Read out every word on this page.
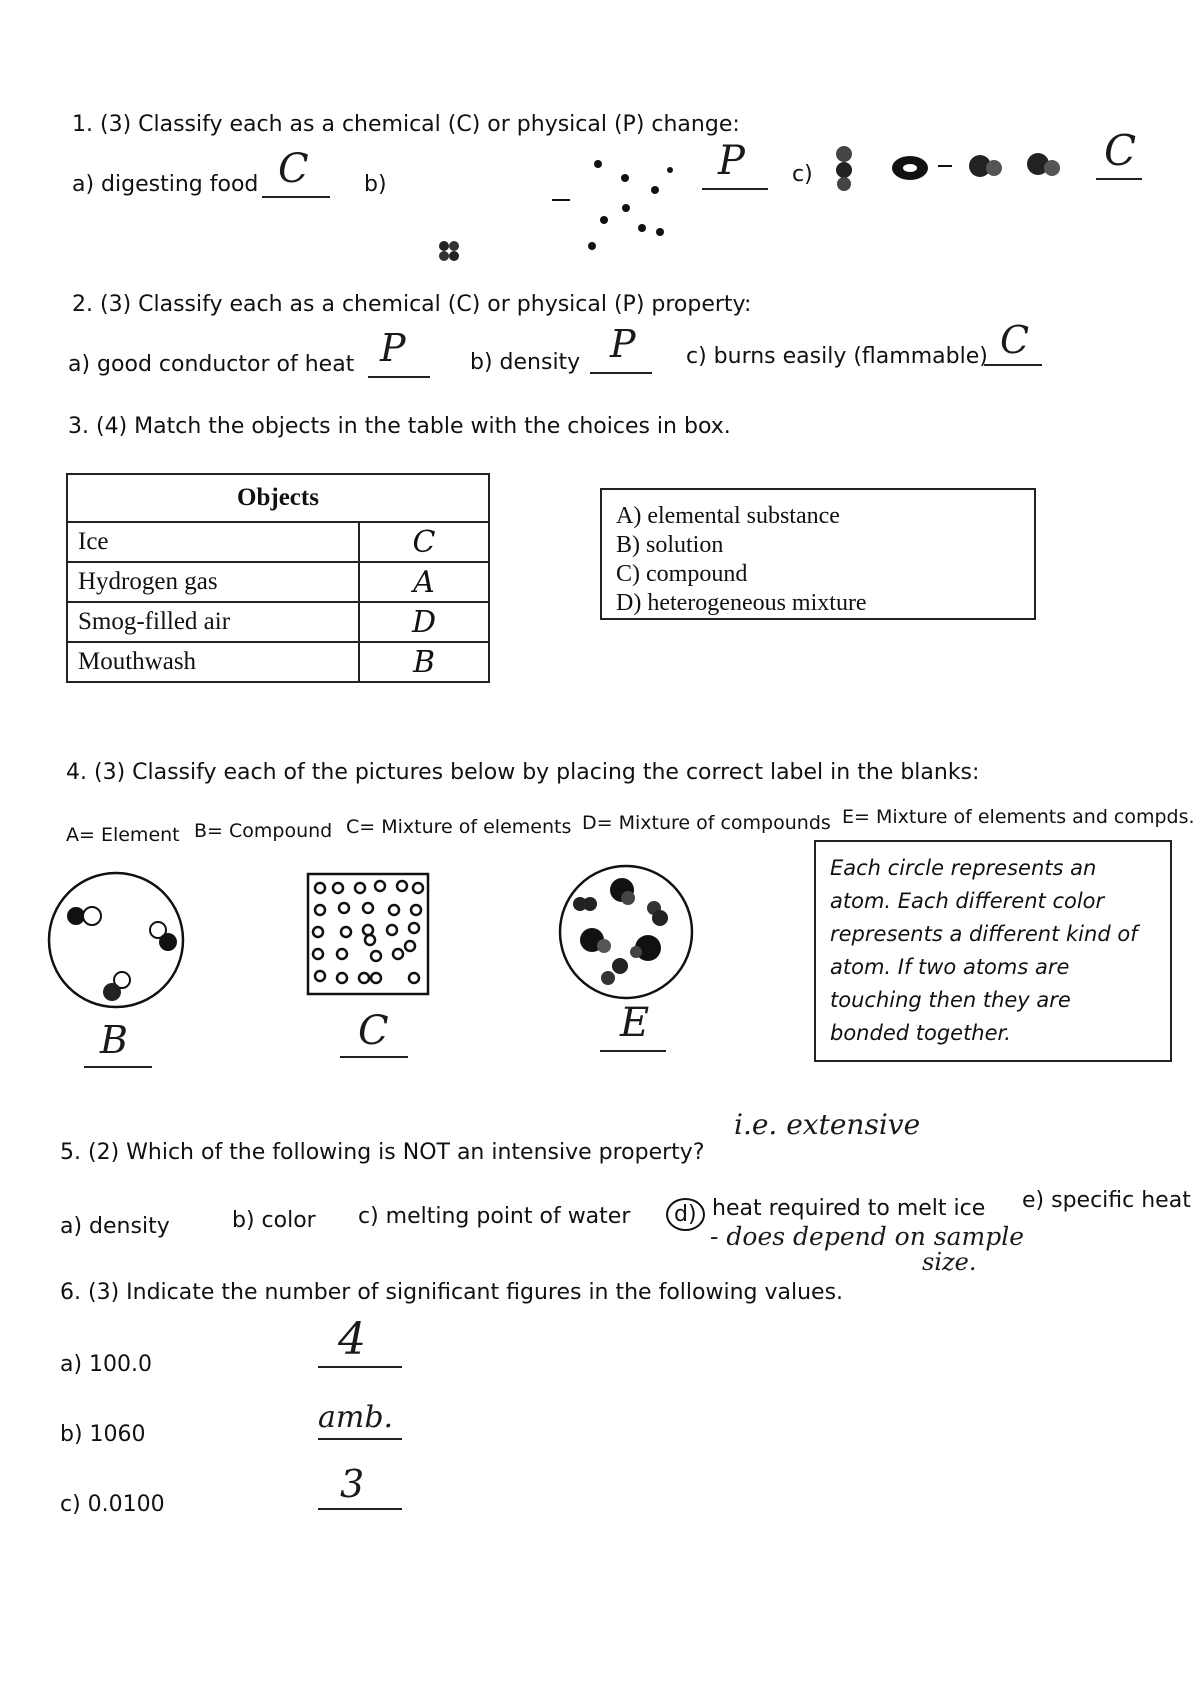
1. (3) Classify each as a chemical (C) or physical (P) change:
a) digesting food C	b)
P c)	C
2. (3) Classify each as a chemical (C) or physical (P) property:
a) good conductor of heat P	b) density P c) burns easily (flammable) C
3. (4) Match the objects in the table with the choices in box.
Objects	
Ice	C
Hydrogen gas	A
Smog-filled air	D
Mouthwash	B
A) elemental substance
B) solution
C) compound
D) heterogeneous mixture
4. (3) Classify each of the pictures below by placing the correct label in the blanks:
A= Element B= Compound C= Mixture of elements D= Mixture of compounds E= Mixture of elements and compds.
B	C	E
Each circle represents an
atom. Each different color
represents a different kind of
atom. If two atoms are
touching then they are
bonded together.
5. (2) Which of the following is NOT an intensive property?
i.e. extensive
a) density	b) color c) melting point of water	d) heat required to melt ice e) specific heat
- does depend on sample
size.
6. (3) Indicate the number of significant figures in the following values.
a) 100.0	4
b) 1060	amb.
c) 0.0100	3
